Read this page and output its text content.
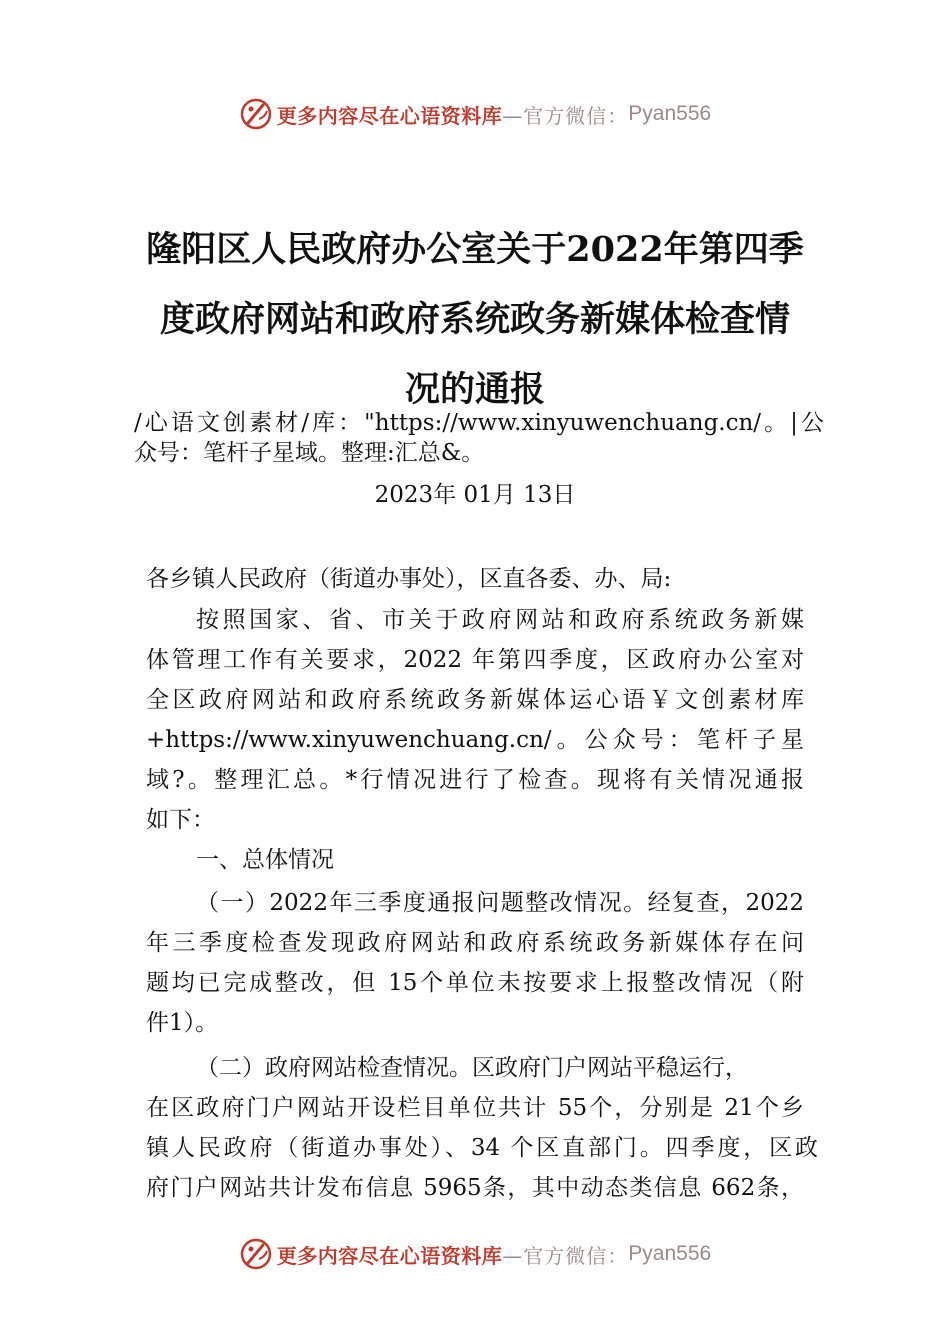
更多内容尽在心语资料库 —官方微信： Pyan556
隆阳区人民政府办公室关于2022年第四季
度政府网站和政府系统政务新媒体检查情
况的通报
/心语文创素材/库："https://www.xinyuwenchuang.cn/。|公
众号：笔杆子星域。整理:汇总&。
2023年 01月 13日
各乡镇人民政府（街道办事处），区直各委、办、局:
按照国家、省、市关于政府网站和政府系统政务新媒
体管理工作有关要求，2022 年第四季度，区政府办公室对
全区政府网站和政府系统政务新媒体运心语￥文创素材库
+https://www.xinyuwenchuang.cn/。公众号：笔杆子星
域?。整理汇总。*行情况进行了检查。现将有关情况通报
如下：
一、总体情况
（一）2022年三季度通报问题整改情况。经复查，2022
年三季度检查发现政府网站和政府系统政务新媒体存在问
题均已完成整改，但 15个单位未按要求上报整改情况（附
件1）。
（二）政府网站检查情况。区政府门户网站平稳运行，
在区政府门户网站开设栏目单位共计 55个，分别是 21个乡
镇人民政府（街道办事处）、34 个区直部门。四季度，区政
府门户网站共计发布信息 5965条，其中动态类信息 662条，
更多内容尽在心语资料库 —官方微信： Pyan556
